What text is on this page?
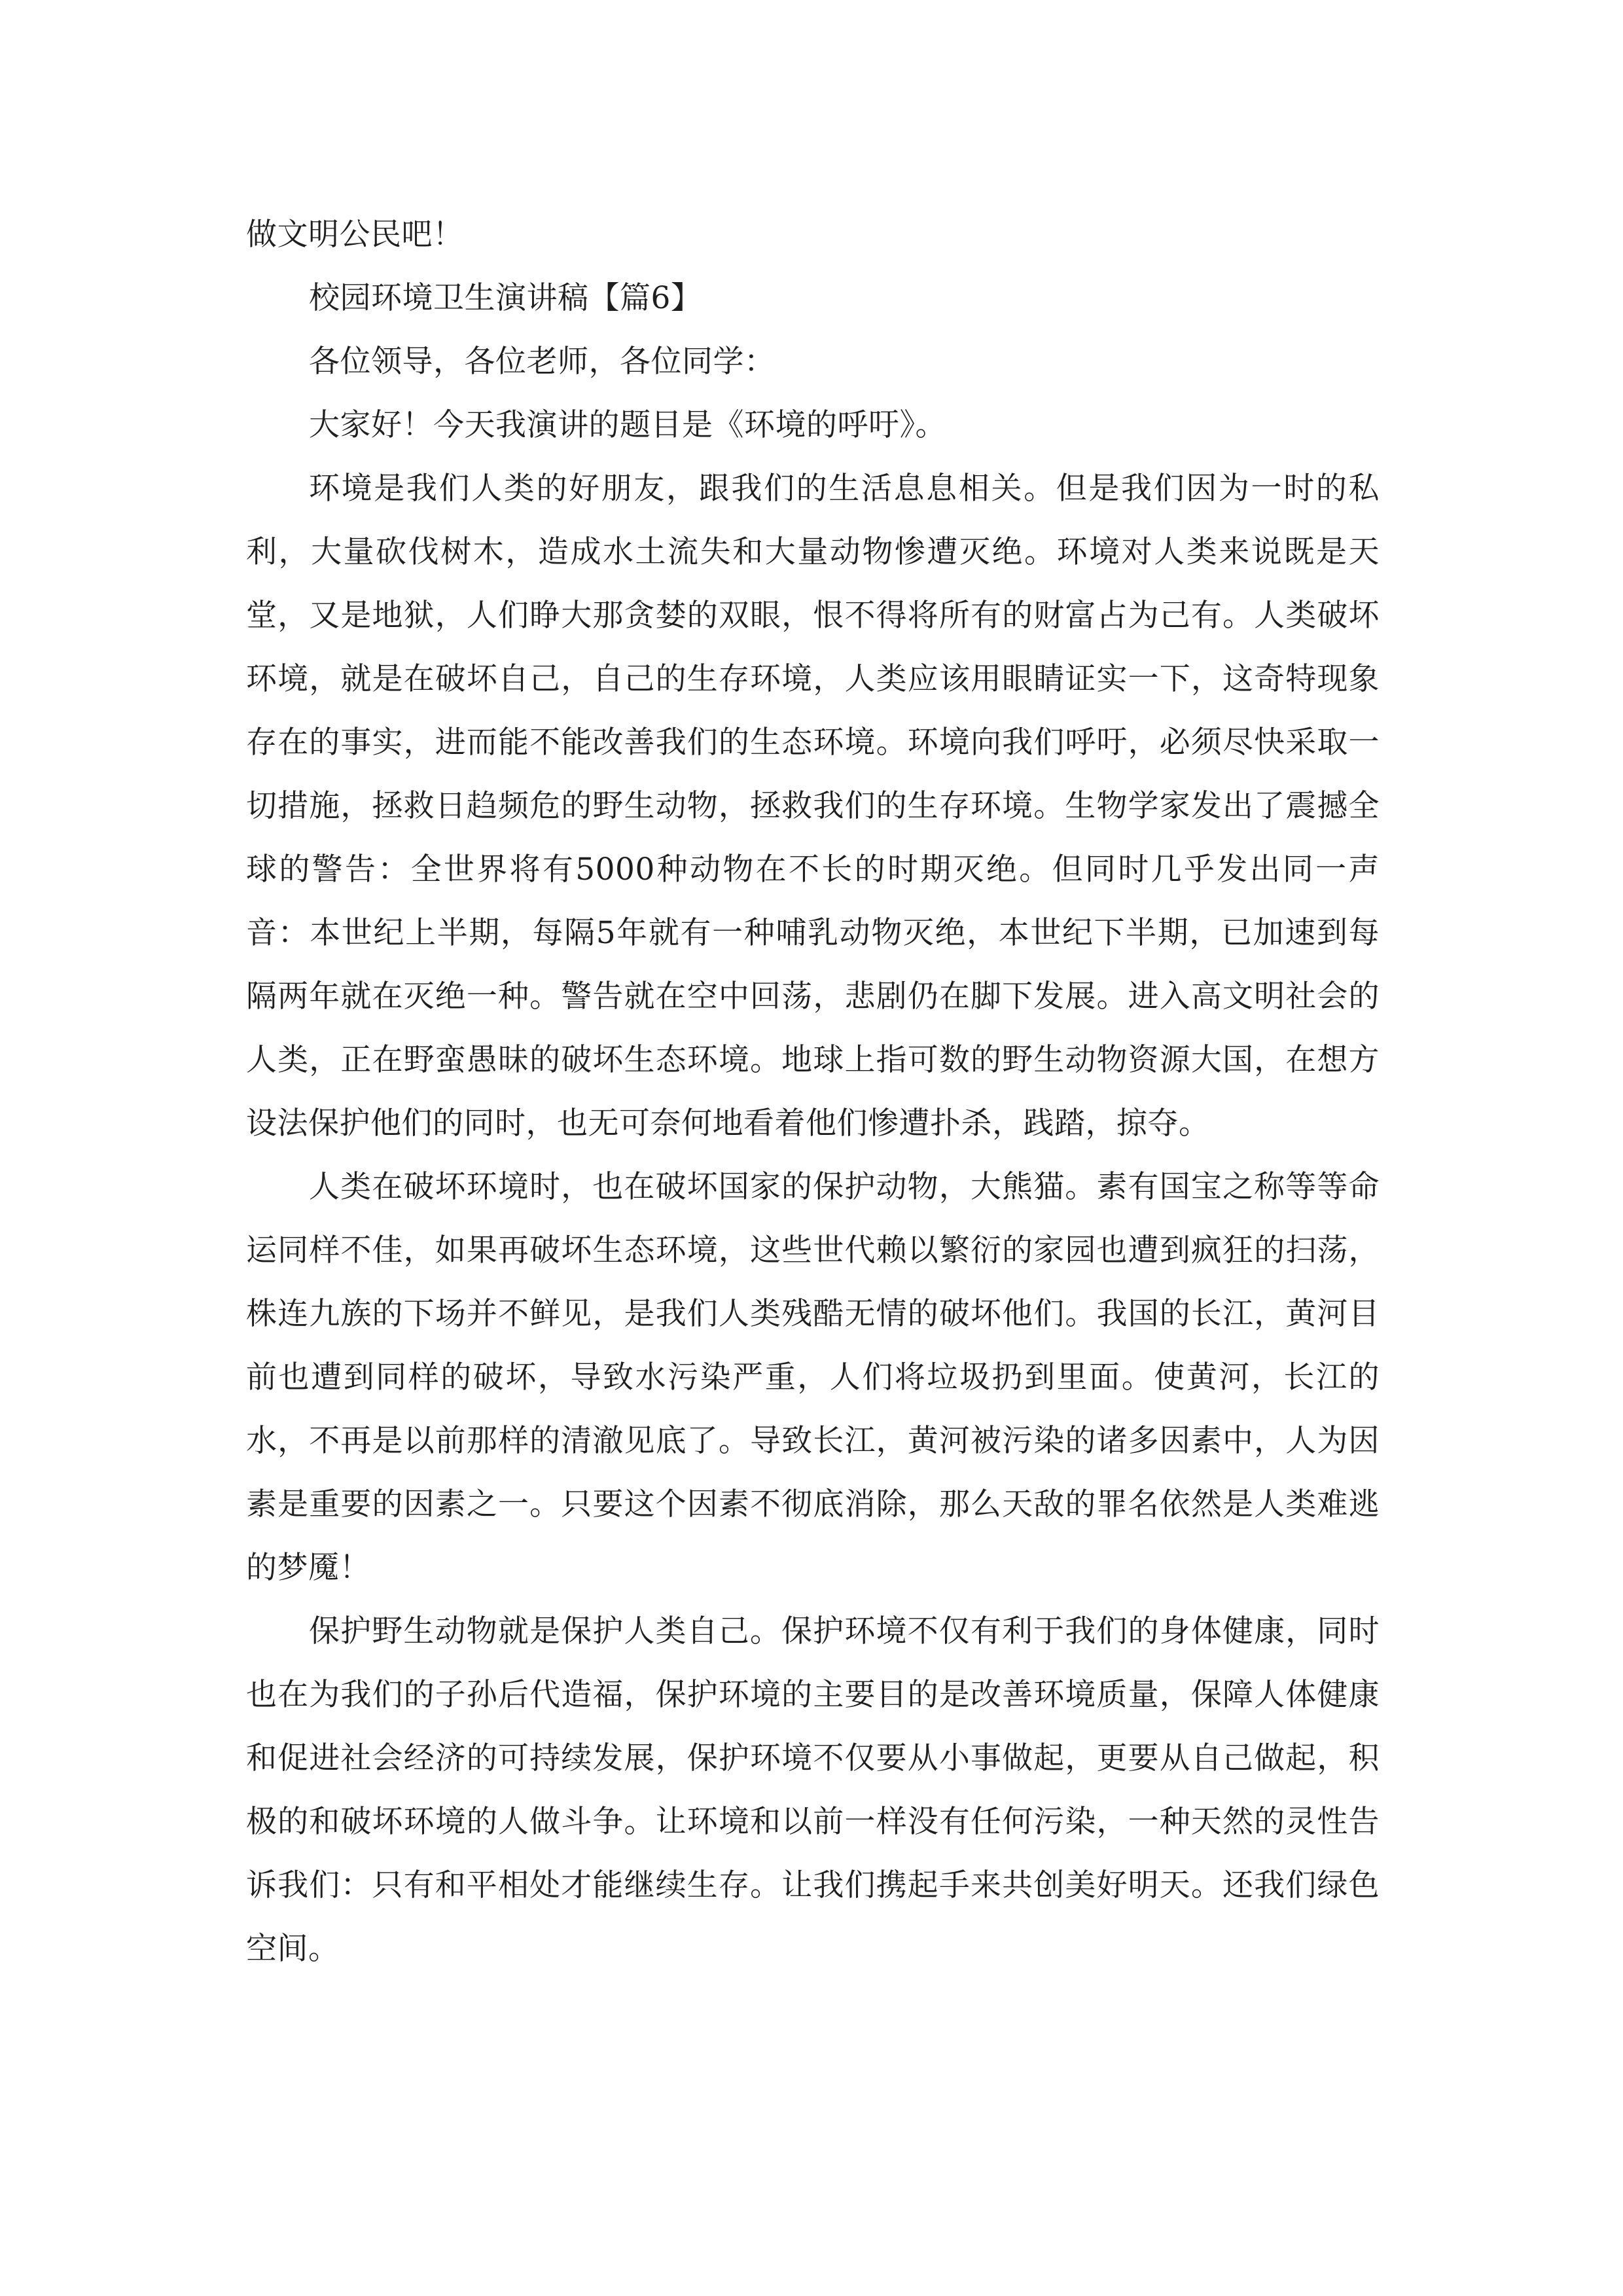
做文明公民吧！

校园环境卫生演讲稿【篇6】

各位领导，各位老师，各位同学：

大家好！今天我演讲的题目是《环境的呼吁》。

环境是我们人类的好朋友，跟我们的生活息息相关。但是我们因为一时的私利，大量砍伐树木，造成水土流失和大量动物惨遭灭绝。环境对人类来说既是天堂，又是地狱，人们睁大那贪婪的双眼，恨不得将所有的财富占为己有。人类破坏环境，就是在破坏自己，自己的生存环境，人类应该用眼睛证实一下，这奇特现象存在的事实，进而能不能改善我们的生态环境。环境向我们呼吁，必须尽快采取一切措施，拯救日趋频危的野生动物，拯救我们的生存环境。生物学家发出了震撼全球的警告：全世界将有5000种动物在不长的时期灭绝。但同时几乎发出同一声音：本世纪上半期，每隔5年就有一种哺乳动物灭绝，本世纪下半期，已加速到每隔两年就在灭绝一种。警告就在空中回荡，悲剧仍在脚下发展。进入高文明社会的人类，正在野蛮愚昧的破坏生态环境。地球上指可数的野生动物资源大国，在想方设法保护他们的同时，也无可奈何地看着他们惨遭扑杀，践踏，掠夺。

人类在破坏环境时，也在破坏国家的保护动物，大熊猫。素有国宝之称等等命运同样不佳，如果再破坏生态环境，这些世代赖以繁衍的家园也遭到疯狂的扫荡，株连九族的下场并不鲜见，是我们人类残酷无情的破坏他们。我国的长江，黄河目前也遭到同样的破坏，导致水污染严重，人们将垃圾扔到里面。使黄河，长江的水，不再是以前那样的清澈见底了。导致长江，黄河被污染的诸多因素中，人为因素是重要的因素之一。只要这个因素不彻底消除，那么天敌的罪名依然是人类难逃的梦魇！

保护野生动物就是保护人类自己。保护环境不仅有利于我们的身体健康，同时也在为我们的子孙后代造福，保护环境的主要目的是改善环境质量，保障人体健康和促进社会经济的可持续发展，保护环境不仅要从小事做起，更要从自己做起，积极的和破坏环境的人做斗争。让环境和以前一样没有任何污染，一种天然的灵性告诉我们：只有和平相处才能继续生存。让我们携起手来共创美好明天。还我们绿色空间。
